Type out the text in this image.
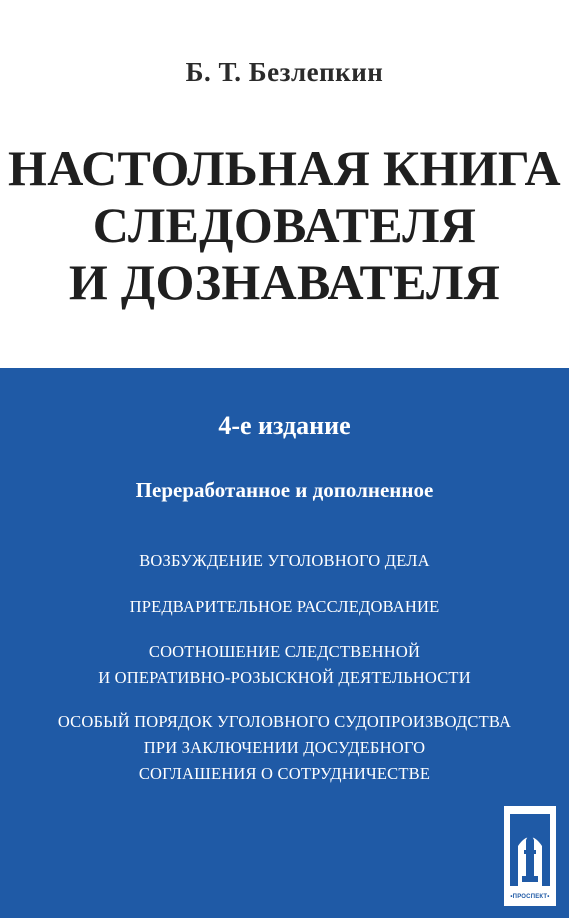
Б. Т. Безлепкин
НАСТОЛЬНАЯ КНИГА
СЛЕДОВАТЕЛЯ
И ДОЗНАВАТЕЛЯ
4-е издание
Переработанное и дополненное
ВОЗБУЖДЕНИЕ УГОЛОВНОГО ДЕЛА
ПРЕДВАРИТЕЛЬНОЕ РАССЛЕДОВАНИЕ
СООТНОШЕНИЕ СЛЕДСТВЕННОЙ
И ОПЕРАТИВНО-РОЗЫСКНОЙ ДЕЯТЕЛЬНОСТИ
ОСОБЫЙ ПОРЯДОК УГОЛОВНОГО СУДОПРОИЗВОДСТВА
ПРИ ЗАКЛЮЧЕНИИ ДОСУДЕБНОГО
СОГЛАШЕНИЯ О СОТРУДНИЧЕСТВЕ
•ПРОСПЕКТ•
